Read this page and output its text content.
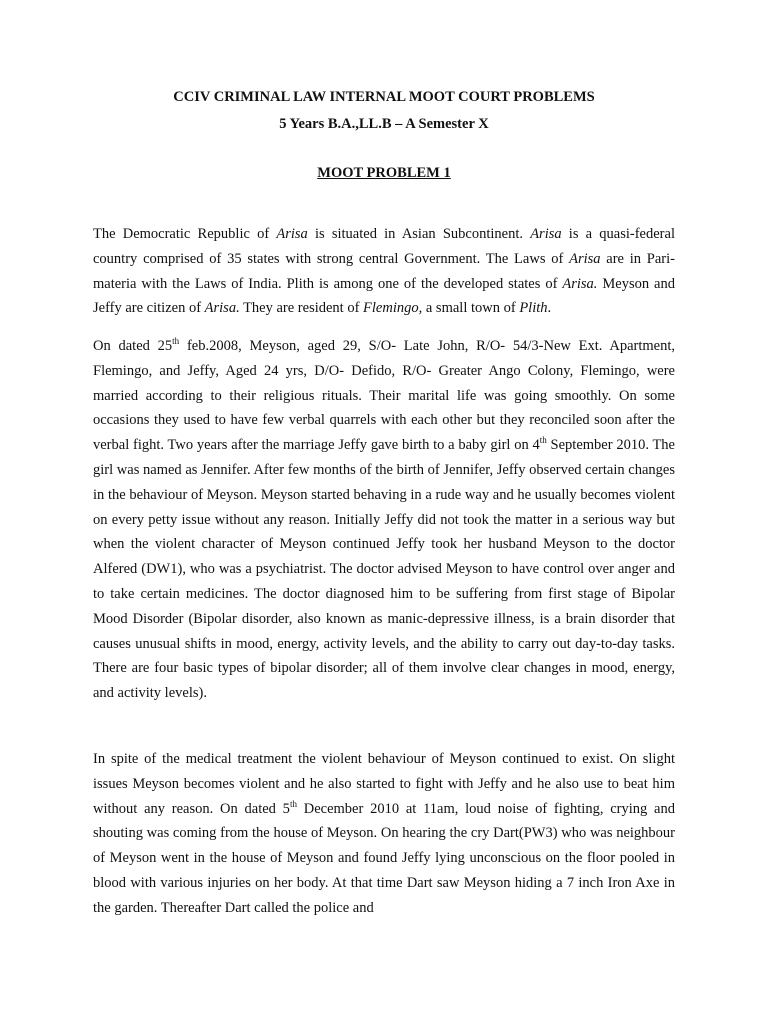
CCIV CRIMINAL LAW INTERNAL MOOT COURT PROBLEMS
5 Years B.A.,LL.B – A Semester X
MOOT PROBLEM 1

The Democratic Republic of Arisa is situated in Asian Subcontinent. Arisa is a quasi-federal country comprised of 35 states with strong central Government. The Laws of Arisa are in Pari-materia with the Laws of India. Plith is among one of the developed states of Arisa. Meyson and Jeffy are citizen of Arisa. They are resident of Flemingo, a small town of Plith.

On dated 25th feb.2008, Meyson, aged 29, S/O- Late John, R/O- 54/3-New Ext. Apartment, Flemingo, and Jeffy, Aged 24 yrs, D/O- Defido, R/O- Greater Ango Colony, Flemingo, were married according to their religious rituals. Their marital life was going smoothly. On some occasions they used to have few verbal quarrels with each other but they reconciled soon after the verbal fight. Two years after the marriage Jeffy gave birth to a baby girl on 4th September 2010. The girl was named as Jennifer. After few months of the birth of Jennifer, Jeffy observed certain changes in the behaviour of Meyson. Meyson started behaving in a rude way and he usually becomes violent on every petty issue without any reason. Initially Jeffy did not took the matter in a serious way but when the violent character of Meyson continued Jeffy took her husband Meyson to the doctor Alfered (DW1), who was a psychiatrist. The doctor advised Meyson to have control over anger and to take certain medicines. The doctor diagnosed him to be suffering from first stage of Bipolar Mood Disorder (Bipolar disorder, also known as manic-depressive illness, is a brain disorder that causes unusual shifts in mood, energy, activity levels, and the ability to carry out day-to-day tasks. There are four basic types of bipolar disorder; all of them involve clear changes in mood, energy, and activity levels).

In spite of the medical treatment the violent behaviour of Meyson continued to exist. On slight issues Meyson becomes violent and he also started to fight with Jeffy and he also use to beat him without any reason. On dated 5th December 2010 at 11am, loud noise of fighting, crying and shouting was coming from the house of Meyson. On hearing the cry Dart(PW3) who was neighbour of Meyson went in the house of Meyson and found Jeffy lying unconscious on the floor pooled in blood with various injuries on her body. At that time Dart saw Meyson hiding a 7 inch Iron Axe in the garden. Thereafter Dart called the police and
